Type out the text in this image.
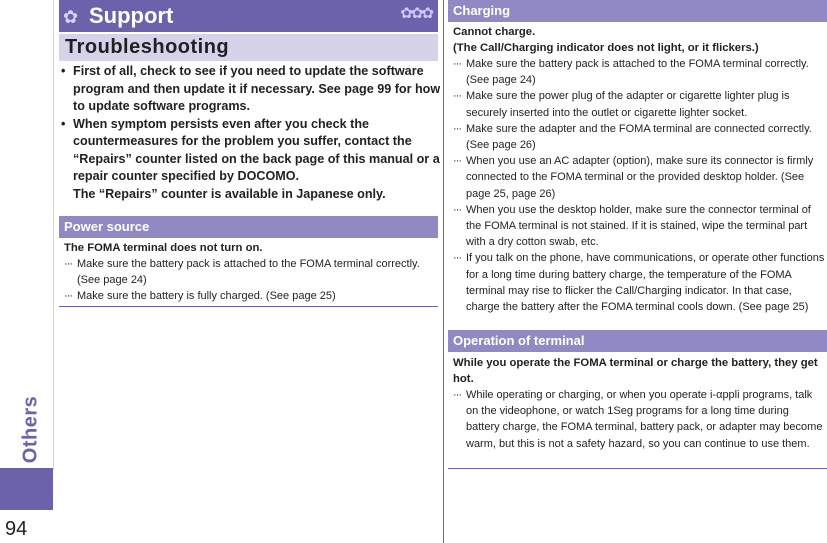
Others
94
✿ Support	✿✿✿
Troubleshooting
• First of all, check to see if you need to update the software program and then update it if necessary. See page 99 for how to update software programs.
• When symptom persists even after you check the countermeasures for the problem you suffer, contact the “Repairs” counter listed on the back page of this manual or a repair counter specified by DOCOMO.
The “Repairs” counter is available in Japanese only.
Power source
The FOMA terminal does not turn on.
··· Make sure the battery pack is attached to the FOMA terminal correctly. (See page 24)
··· Make sure the battery is fully charged. (See page 25)
Charging
Cannot charge.
(The Call/Charging indicator does not light, or it flickers.)
··· Make sure the battery pack is attached to the FOMA terminal correctly. (See page 24)
··· Make sure the power plug of the adapter or cigarette lighter plug is securely inserted into the outlet or cigarette lighter socket.
··· Make sure the adapter and the FOMA terminal are connected correctly. (See page 26)
··· When you use an AC adapter (option), make sure its connector is firmly connected to the FOMA terminal or the provided desktop holder. (See page 25, page 26)
··· When you use the desktop holder, make sure the connector terminal of the FOMA terminal is not stained. If it is stained, wipe the terminal part with a dry cotton swab, etc.
··· If you talk on the phone, have communications, or operate other functions for a long time during battery charge, the temperature of the FOMA terminal may rise to flicker the Call/Charging indicator. In that case, charge the battery after the FOMA terminal cools down. (See page 25)
Operation of terminal
While you operate the FOMA terminal or charge the battery, they get hot.
··· While operating or charging, or when you operate i-αppli programs, talk on the videophone, or watch 1Seg programs for a long time during battery charge, the FOMA terminal, battery pack, or adapter may become warm, but this is not a safety hazard, so you can continue to use them.
